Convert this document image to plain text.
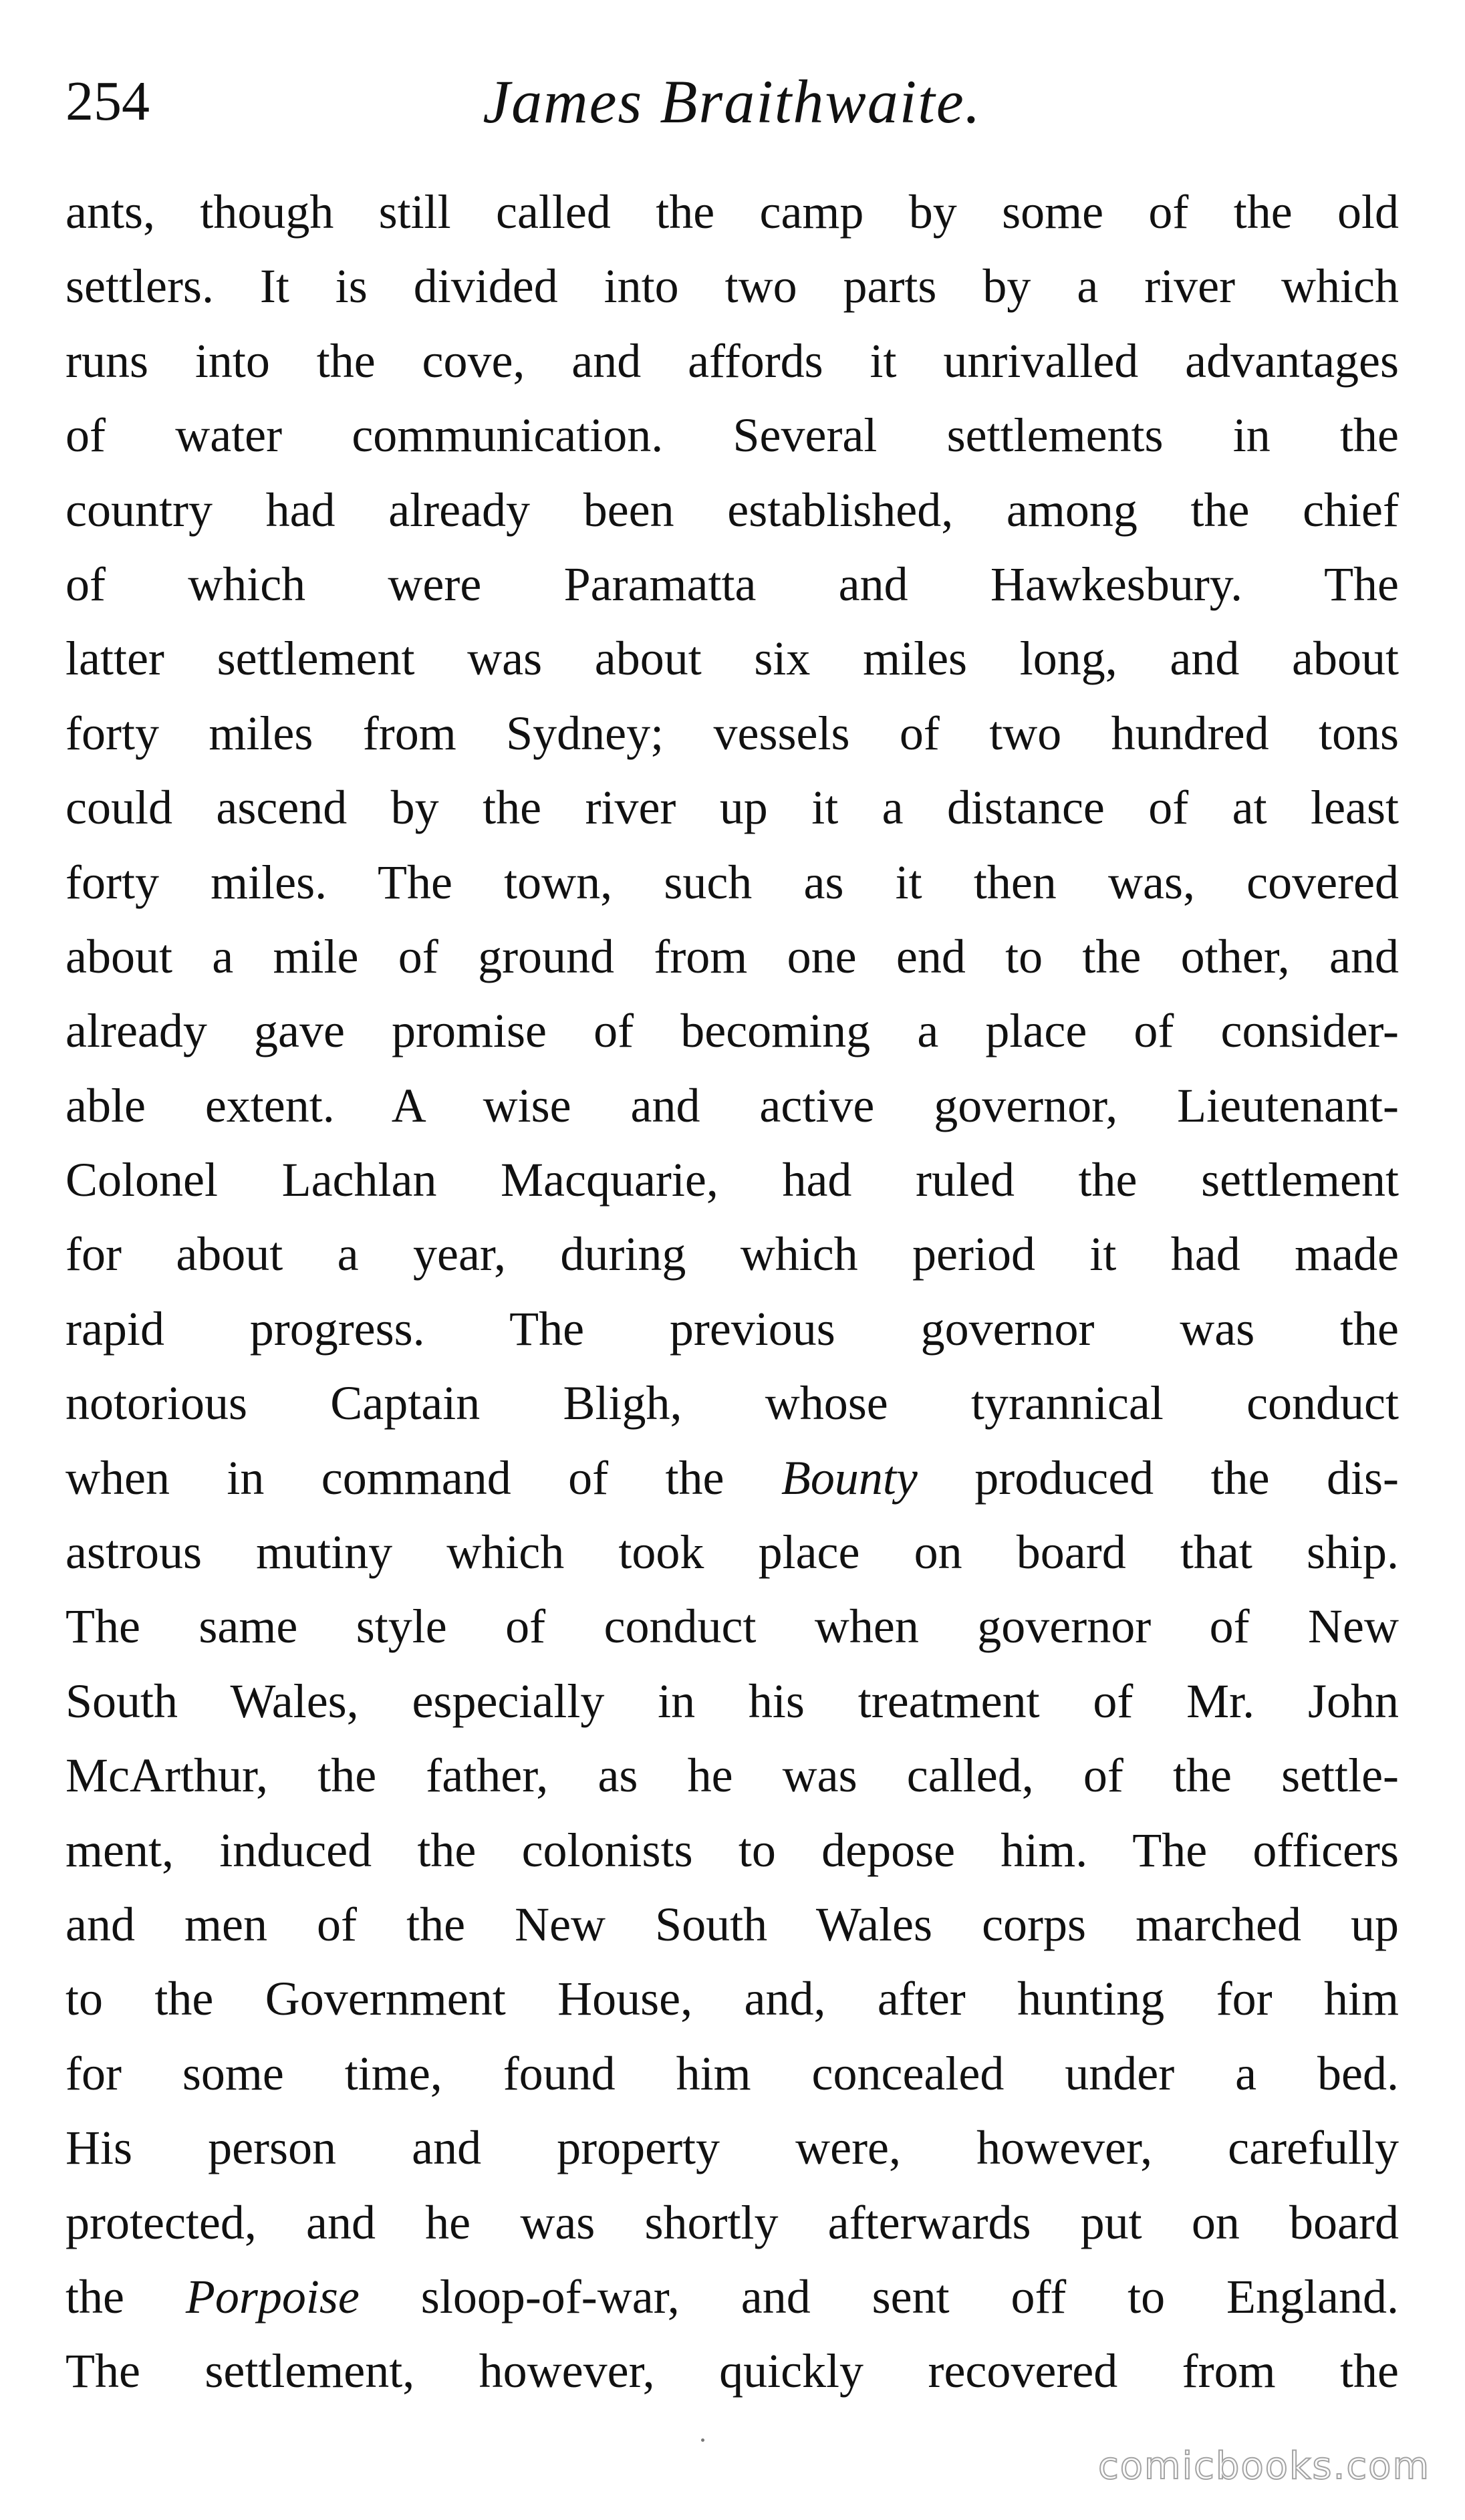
254	James Braithwaite.
ants, though still called the camp by some of the old
settlers. It is divided into two parts by a river which
runs into the cove, and affords it unrivalled advantages
of water communication. Several settlements in the
country had already been established, among the chief
of which were Paramatta and Hawkesbury. The
latter settlement was about six miles long, and about
forty miles from Sydney; vessels of two hundred tons
could ascend by the river up it a distance of at least
forty miles. The town, such as it then was, covered
about a mile of ground from one end to the other, and
already gave promise of becoming a place of consider-
able extent. A wise and active governor, Lieutenant-
Colonel Lachlan Macquarie, had ruled the settlement
for about a year, during which period it had made
rapid progress. The previous governor was the
notorious Captain Bligh, whose tyrannical conduct
when in command of the Bounty produced the dis-
astrous mutiny which took place on board that ship.
The same style of conduct when governor of New
South Wales, especially in his treatment of Mr. John
McArthur, the father, as he was called, of the settle-
ment, induced the colonists to depose him. The officers
and men of the New South Wales corps marched up
to the Government House, and, after hunting for him
for some time, found him concealed under a bed.
His person and property were, however, carefully
protected, and he was shortly afterwards put on board
the Porpoise sloop-of-war, and sent off to England.
The settlement, however, quickly recovered from the
comicbooks.com
